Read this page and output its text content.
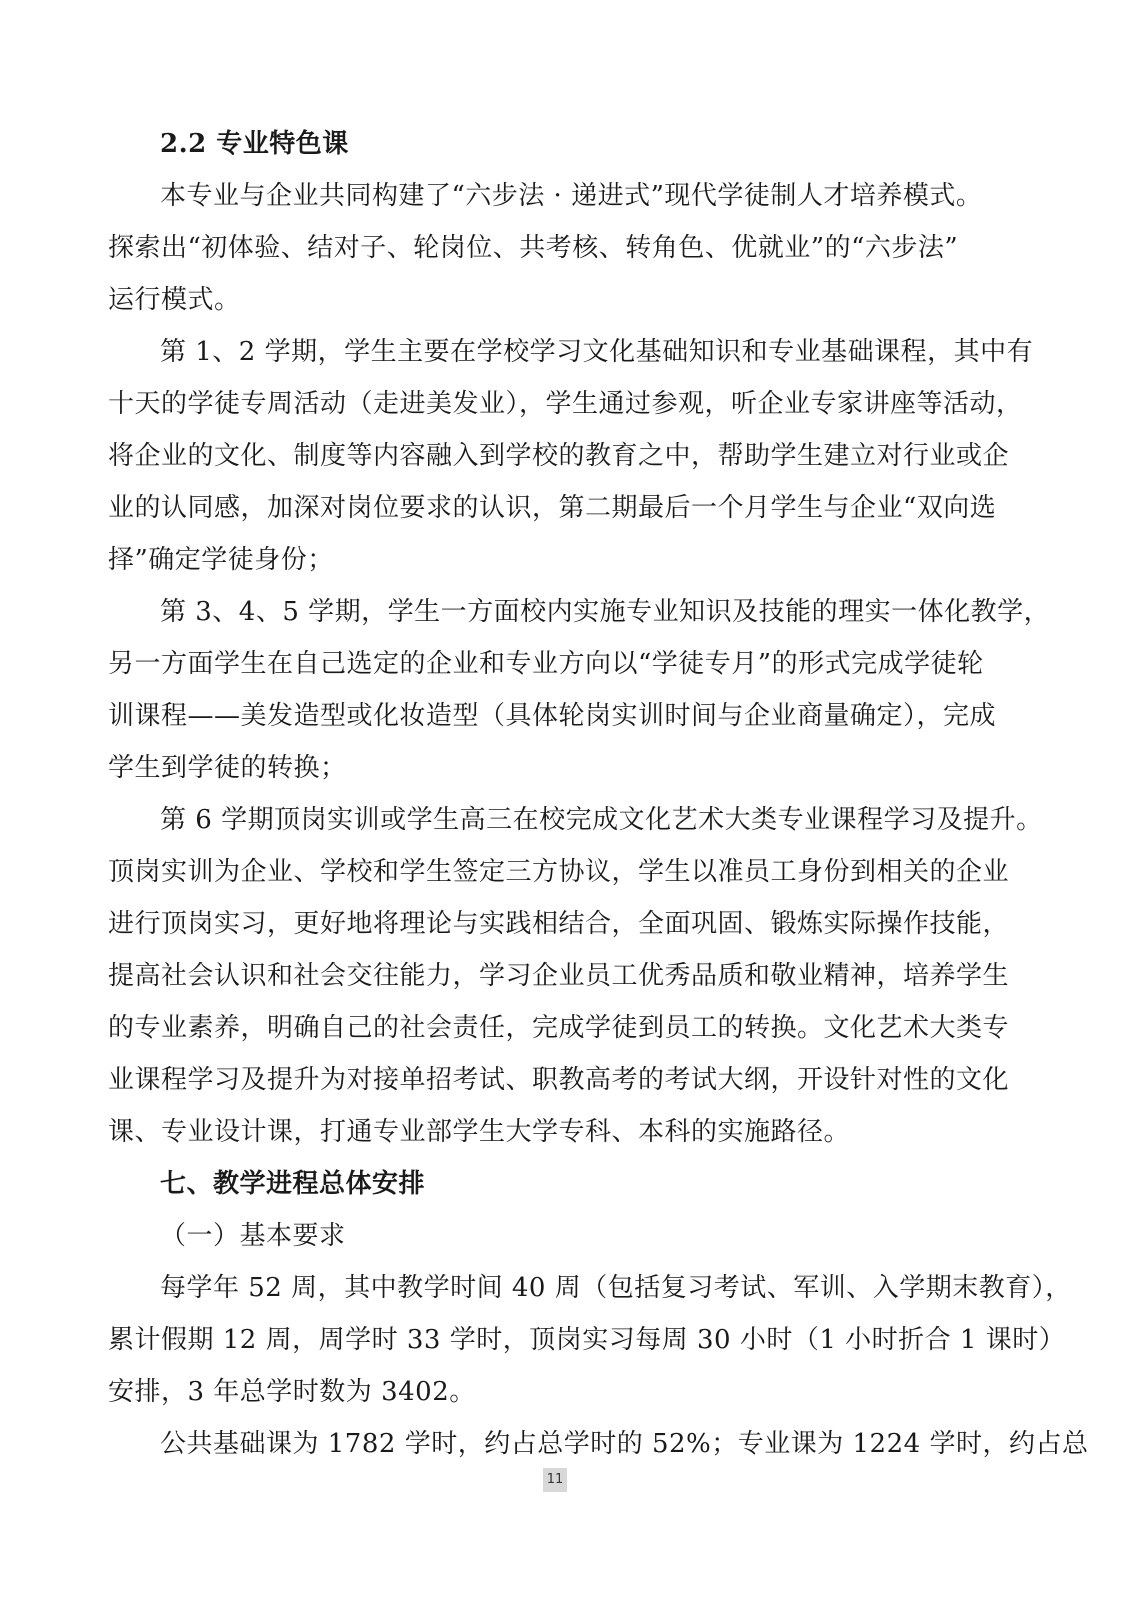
2.2 专业特色课
本专业与企业共同构建了“六步法 · 递进式”现代学徒制人才培养模式。
探索出“初体验、结对子、轮岗位、共考核、转角色、优就业”的“六步法”
运行模式。
第 1、2 学期，学生主要在学校学习文化基础知识和专业基础课程，其中有
十天的学徒专周活动（走进美发业），学生通过参观，听企业专家讲座等活动，
将企业的文化、制度等内容融入到学校的教育之中，帮助学生建立对行业或企
业的认同感，加深对岗位要求的认识，第二期最后一个月学生与企业“双向选
择”确定学徒身份；
第 3、4、5 学期，学生一方面校内实施专业知识及技能的理实一体化教学，
另一方面学生在自己选定的企业和专业方向以“学徒专月”的形式完成学徒轮
训课程——美发造型或化妆造型（具体轮岗实训时间与企业商量确定），完成
学生到学徒的转换；
第 6 学期顶岗实训或学生高三在校完成文化艺术大类专业课程学习及提升。
顶岗实训为企业、学校和学生签定三方协议，学生以准员工身份到相关的企业
进行顶岗实习，更好地将理论与实践相结合，全面巩固、锻炼实际操作技能，
提高社会认识和社会交往能力，学习企业员工优秀品质和敬业精神，培养学生
的专业素养，明确自己的社会责任，完成学徒到员工的转换。文化艺术大类专
业课程学习及提升为对接单招考试、职教高考的考试大纲，开设针对性的文化
课、专业设计课，打通专业部学生大学专科、本科的实施路径。
七、教学进程总体安排
（一）基本要求
每学年 52 周，其中教学时间 40 周（包括复习考试、军训、入学期末教育），
累计假期 12 周，周学时 33 学时，顶岗实习每周 30 小时（1 小时折合 1 课时）
安排，3 年总学时数为 3402。
公共基础课为 1782 学时，约占总学时的 52%；专业课为 1224 学时，约占总
11
